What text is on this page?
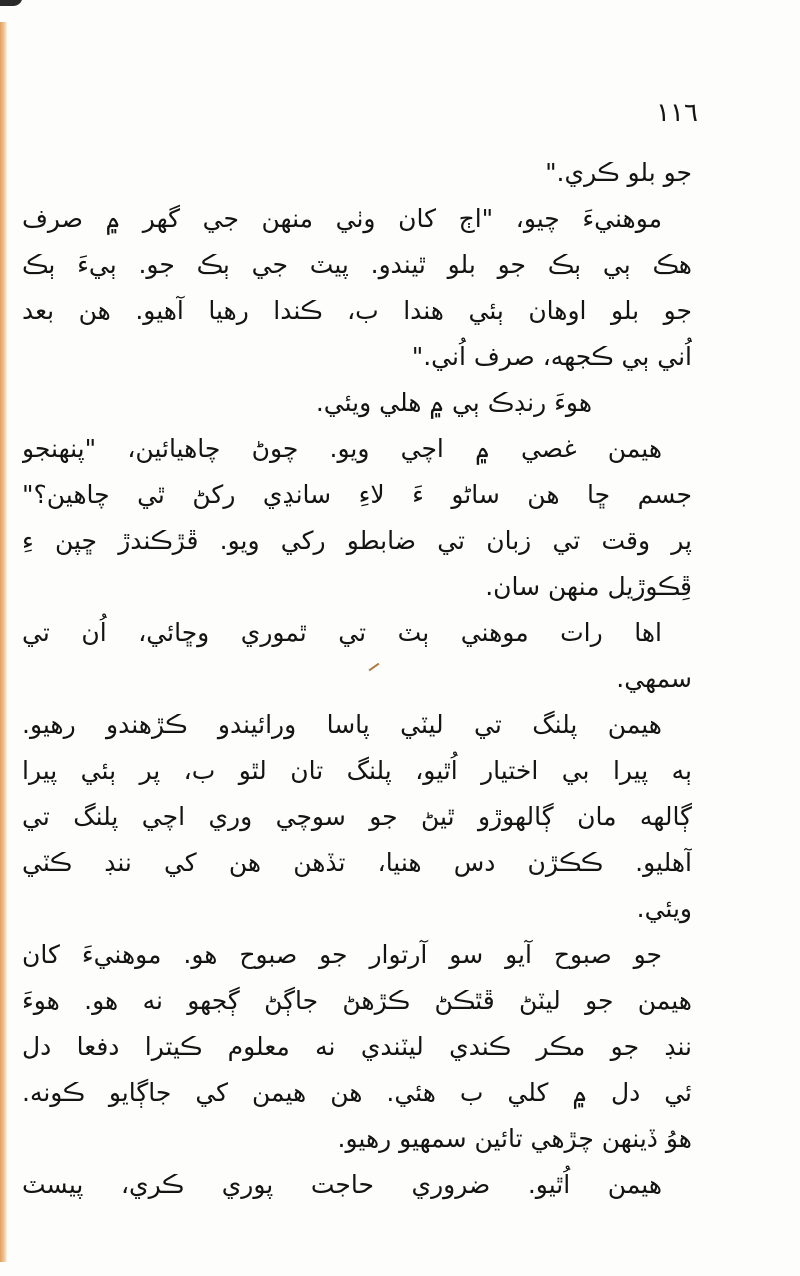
١١٦
جو بلو ڪري."
موهنيءَ چيو، "اڄ کان وٺي منهن جي گهر ۾ صرف
هڪ ٻي ٻڪ جو بلو ٿيندو. پيٽ جي ٻڪ جو. ٻيءَ ٻڪ
جو بلو اوهان ٻئي هندا ب، ڪندا رهيا آهيو. هن بعد
اُني ٻي ڪجهه، صرف اُني."
هوءَ رنڊڪ ٻي ۾ هلي ويئي.
هيمن غصي ۾ اچي ويو. چوڻ چاهيائين، "پنهنجو
جسم ڇا هن ساڻو ءَ لاءِ سانڍي رکڻ ٿي چاهين؟"
پر وقت تي زبان تي ضابطو رکي ويو. ڦڙڪندڙ ڇپن ءِ
ڦِڪوڙيل منهن سان.
اها رات موهني ٻٽ تي ٿموري وڇائي، اُن تي
سمهي.
هيمن پلنگ تي ليٽي پاسا ورائيندو ڪڙهندو رهيو.
ٻه پيرا بي اختيار اُٿيو، پلنگ تان لٿو ب، پر ٻئي پيرا
ڳالهه مان ڳالهوڙو ٿيڻ جو سوچي وري اچي پلنگ تي
آهليو. ڪڪڙن دس هنيا، تڏهن هن کي ننڊ ڪٽي
ويئي.
جو صبوح آيو سو آرتوار جو صبوح هو. موهنيءَ کان
هيمن جو ليٽڻ ڦٿڪڻ ڪڙهڻ جاڳڻ ڳجهو نه هو. هوءَ
ننڊ جو مڪر ڪندي ليٽندي نه معلوم ڪيترا دفعا دل
ئي دل ۾ کلي ب هئي. هن هيمن کي جاڳايو ڪونه.
هوُ ڏينهن چڙهي تائين سمهيو رهيو.
هيمن اُٿيو. ضروري حاجت پوري ڪري، پيسٽ
